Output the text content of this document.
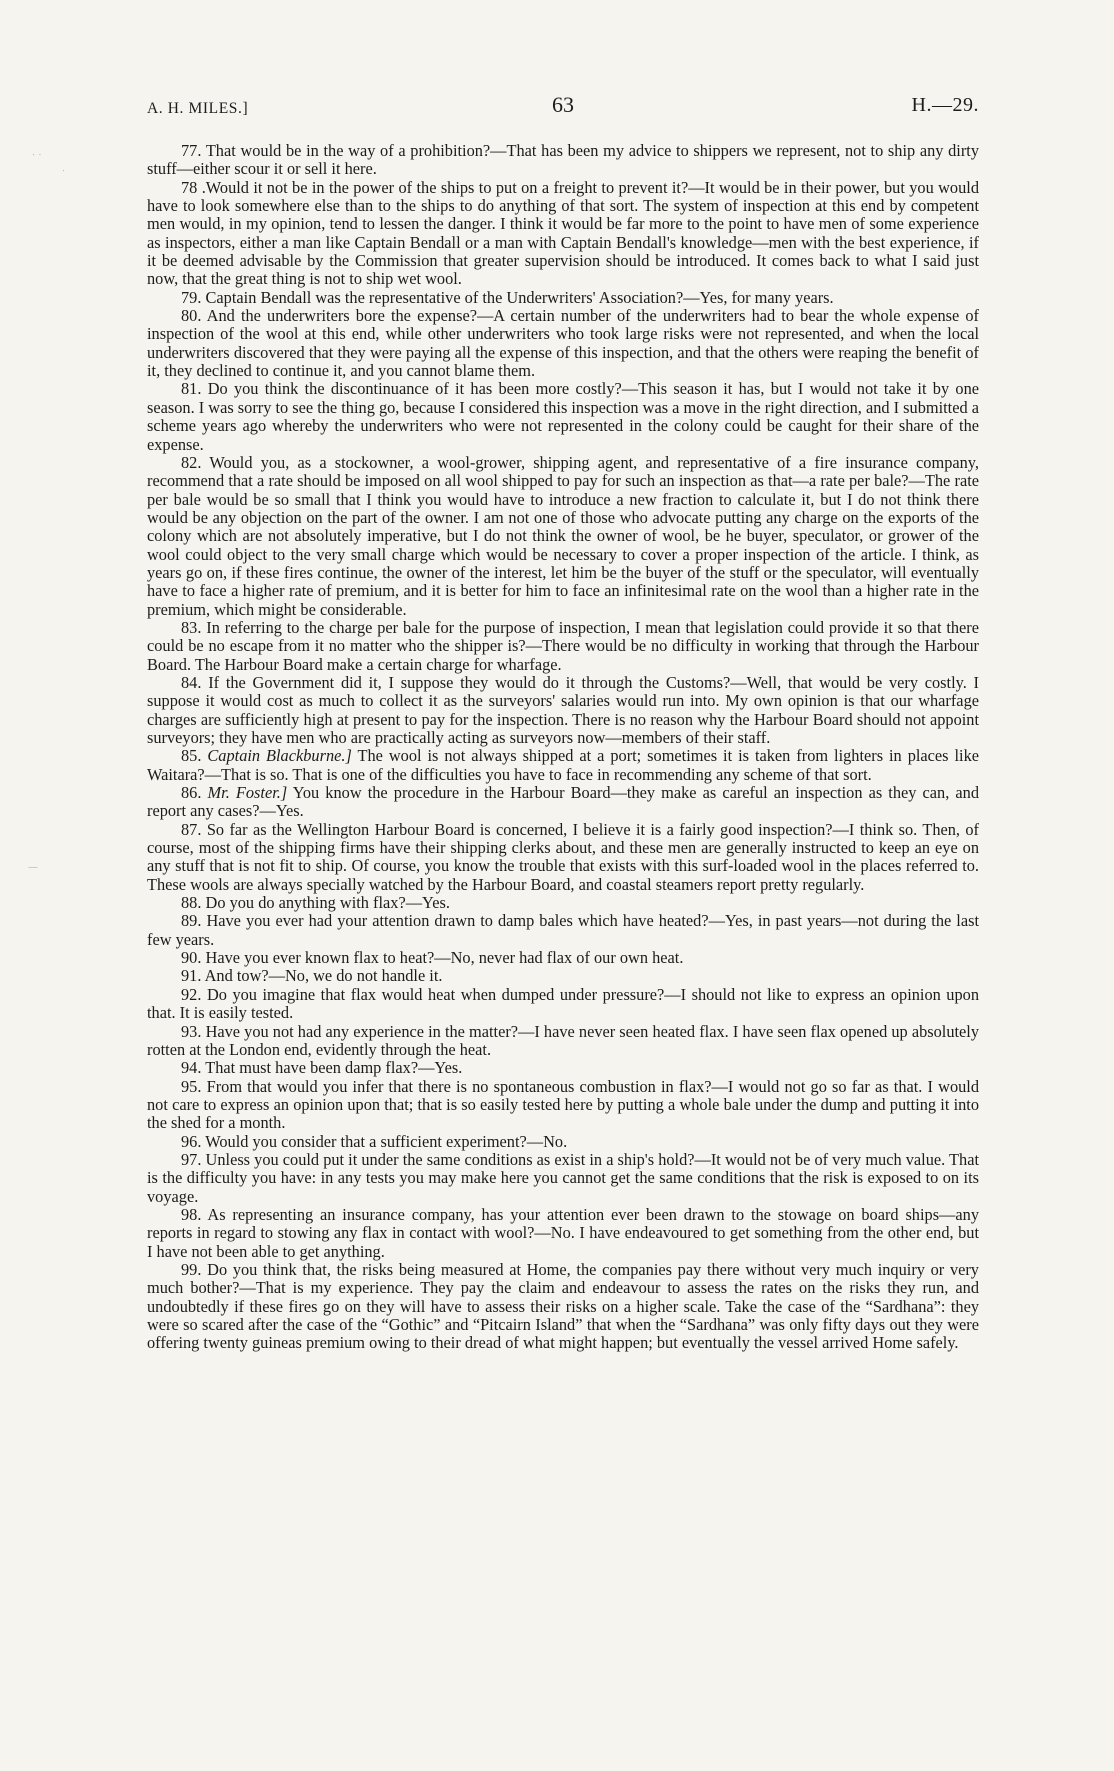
⋅ ⋅
⋅
—
A. H. MILES.]	63	H.—29.

77. That would be in the way of a prohibition?—That has been my advice to shippers we represent, not to ship any dirty stuff—either scour it or sell it here.

78 .Would it not be in the power of the ships to put on a freight to prevent it?—It would be in their power, but you would have to look somewhere else than to the ships to do anything of that sort. The system of inspection at this end by competent men would, in my opinion, tend to lessen the danger. I think it would be far more to the point to have men of some experience as inspectors, either a man like Captain Bendall or a man with Captain Bendall's knowledge—men with the best experience, if it be deemed advisable by the Commission that greater supervision should be introduced. It comes back to what I said just now, that the great thing is not to ship wet wool.

79. Captain Bendall was the representative of the Underwriters' Association?—Yes, for many years.

80. And the underwriters bore the expense?—A certain number of the underwriters had to bear the whole expense of inspection of the wool at this end, while other underwriters who took large risks were not represented, and when the local underwriters discovered that they were paying all the expense of this inspection, and that the others were reaping the benefit of it, they declined to continue it, and you cannot blame them.

81. Do you think the discontinuance of it has been more costly?—This season it has, but I would not take it by one season. I was sorry to see the thing go, because I considered this inspection was a move in the right direction, and I submitted a scheme years ago whereby the underwriters who were not represented in the colony could be caught for their share of the expense.

82. Would you, as a stockowner, a wool-grower, shipping agent, and representative of a fire insurance company, recommend that a rate should be imposed on all wool shipped to pay for such an inspection as that—a rate per bale?—The rate per bale would be so small that I think you would have to introduce a new fraction to calculate it, but I do not think there would be any objection on the part of the owner. I am not one of those who advocate putting any charge on the exports of the colony which are not absolutely imperative, but I do not think the owner of wool, be he buyer, speculator, or grower of the wool could object to the very small charge which would be necessary to cover a proper inspection of the article. I think, as years go on, if these fires continue, the owner of the interest, let him be the buyer of the stuff or the speculator, will eventually have to face a higher rate of premium, and it is better for him to face an infinitesimal rate on the wool than a higher rate in the premium, which might be considerable.

83. In referring to the charge per bale for the purpose of inspection, I mean that legislation could provide it so that there could be no escape from it no matter who the shipper is?—There would be no difficulty in working that through the Harbour Board. The Harbour Board make a certain charge for wharfage.

84. If the Government did it, I suppose they would do it through the Customs?—Well, that would be very costly. I suppose it would cost as much to collect it as the surveyors' salaries would run into. My own opinion is that our wharfage charges are sufficiently high at present to pay for the inspection. There is no reason why the Harbour Board should not appoint surveyors; they have men who are practically acting as surveyors now—members of their staff.

85. Captain Blackburne.] The wool is not always shipped at a port; sometimes it is taken from lighters in places like Waitara?—That is so. That is one of the difficulties you have to face in recommending any scheme of that sort.

86. Mr. Foster.] You know the procedure in the Harbour Board—they make as careful an inspection as they can, and report any cases?—Yes.

87. So far as the Wellington Harbour Board is concerned, I believe it is a fairly good inspection?—I think so. Then, of course, most of the shipping firms have their shipping clerks about, and these men are generally instructed to keep an eye on any stuff that is not fit to ship. Of course, you know the trouble that exists with this surf-loaded wool in the places referred to. These wools are always specially watched by the Harbour Board, and coastal steamers report pretty regularly.

88. Do you do anything with flax?—Yes.

89. Have you ever had your attention drawn to damp bales which have heated?—Yes, in past years—not during the last few years.

90. Have you ever known flax to heat?—No, never had flax of our own heat.

91. And tow?—No, we do not handle it.

92. Do you imagine that flax would heat when dumped under pressure?—I should not like to express an opinion upon that. It is easily tested.

93. Have you not had any experience in the matter?—I have never seen heated flax. I have seen flax opened up absolutely rotten at the London end, evidently through the heat.

94. That must have been damp flax?—Yes.

95. From that would you infer that there is no spontaneous combustion in flax?—I would not go so far as that. I would not care to express an opinion upon that; that is so easily tested here by putting a whole bale under the dump and putting it into the shed for a month.

96. Would you consider that a sufficient experiment?—No.

97. Unless you could put it under the same conditions as exist in a ship's hold?—It would not be of very much value. That is the difficulty you have: in any tests you may make here you cannot get the same conditions that the risk is exposed to on its voyage.

98. As representing an insurance company, has your attention ever been drawn to the stowage on board ships—any reports in regard to stowing any flax in contact with wool?—No. I have endeavoured to get something from the other end, but I have not been able to get anything.

99. Do you think that, the risks being measured at Home, the companies pay there without very much inquiry or very much bother?—That is my experience. They pay the claim and endeavour to assess the rates on the risks they run, and undoubtedly if these fires go on they will have to assess their risks on a higher scale. Take the case of the “Sardhana”: they were so scared after the case of the “Gothic” and “Pitcairn Island” that when the “Sardhana” was only fifty days out they were offering twenty guineas premium owing to their dread of what might happen; but eventually the vessel arrived Home safely.
